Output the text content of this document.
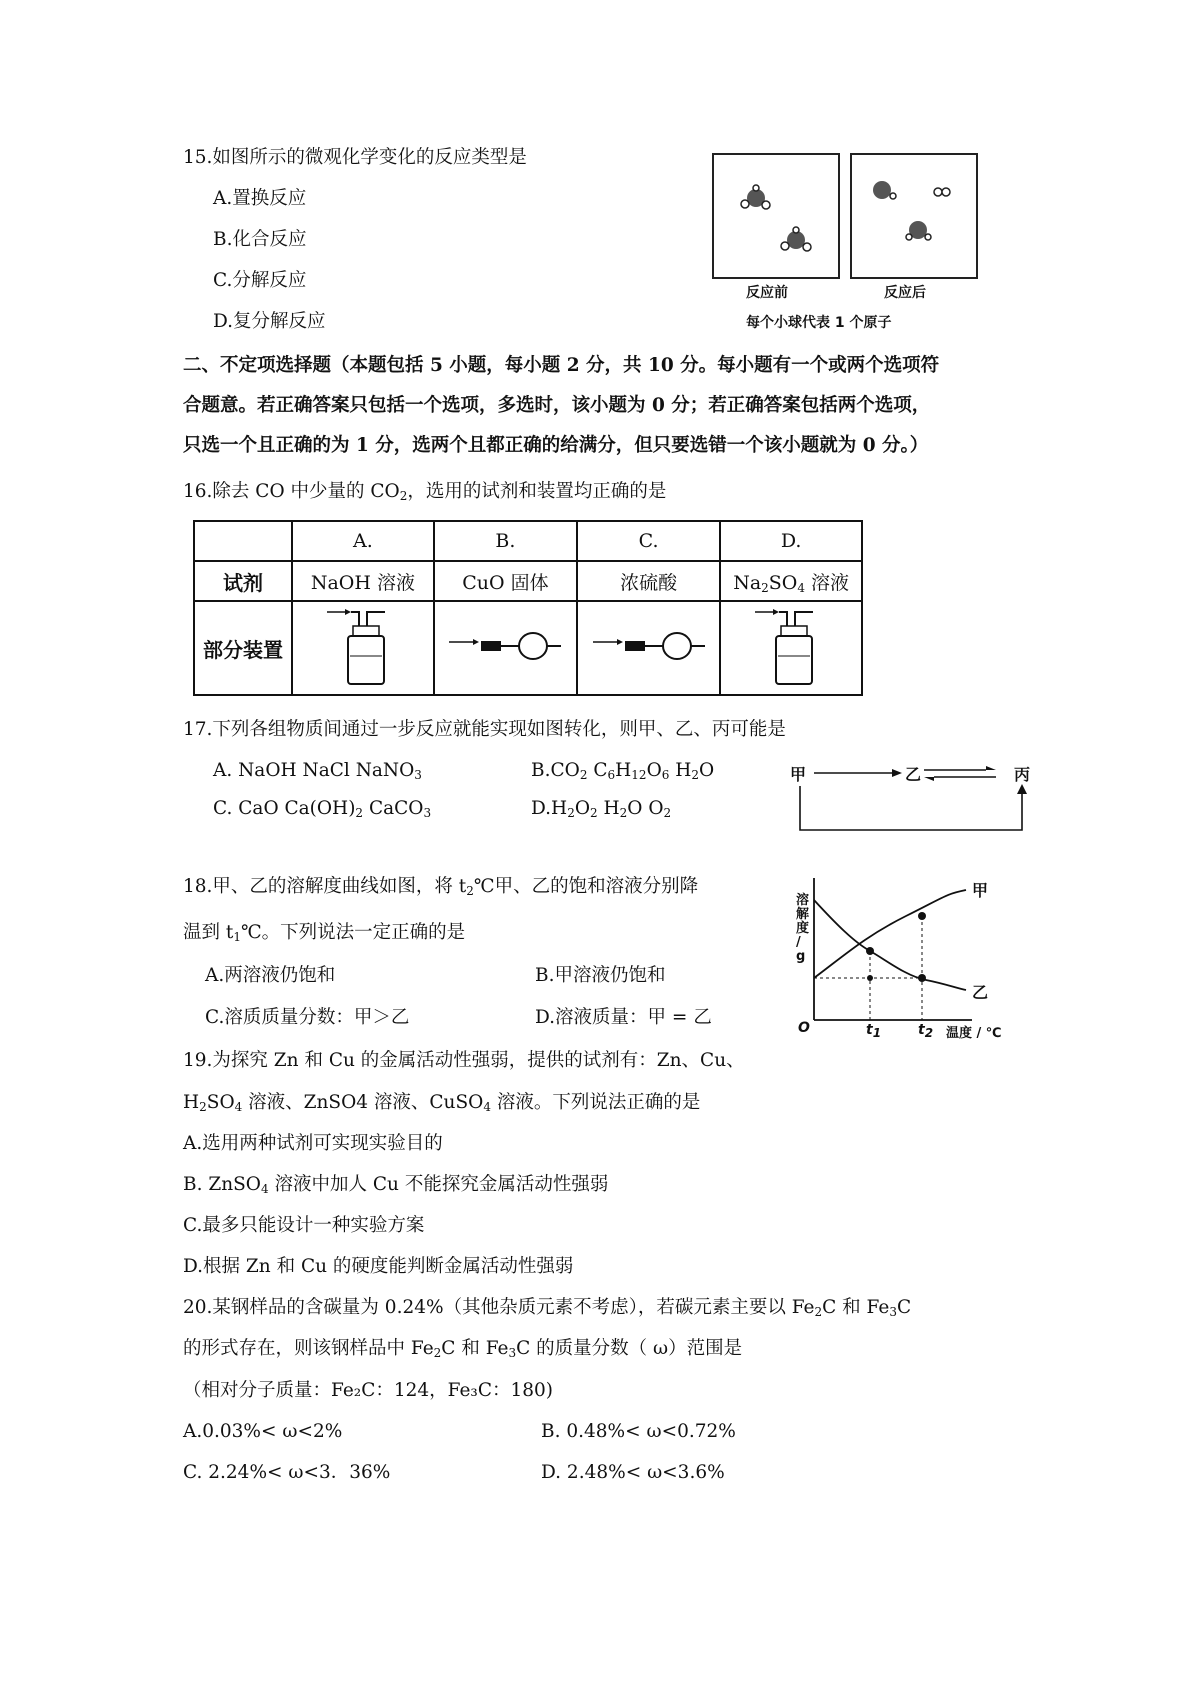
15.如图所示的微观化学变化的反应类型是
A.置换反应
B.化合反应
C.分解反应
D.复分解反应
反应前	反应后
每个小球代表 1 个原子
二、不定项选择题（本题包括 5 小题，每小题 2 分，共 10 分。每小题有一个或两个选项符
合题意。若正确答案只包括一个选项，多选时，该小题为 0 分；若正确答案包括两个选项，
只选一个且正确的为 1 分，选两个且都正确的给满分，但只要选错一个该小题就为 0 分。）
16.除去 CO 中少量的 $CO_2$，选用的试剂和装置均正确的是
	A.	B.	C.	D.
试剂	NaOH 溶液	CuO 固体	浓硫酸	$Na_2SO_4$ 溶液
部分装置				
17.下列各组物质间通过一步反应就能实现如图转化，则甲、乙、丙可能是
A. NaOH NaCl NaNO$_3$	$B.CO_2$ $C_6H_{12}O_6$ $H_2O$
C. CaO $Ca(OH)_2$ CaCO$_3$	$D.H_2O_2$ $H_2O$ $O_2$
甲	乙	丙
18.甲、乙的溶解度曲线如图，将 $t_2℃$甲、乙的饱和溶液分别降
温到 $t_1℃$。下列说法一定正确的是
A.两溶液仍饱和	B.甲溶液仍饱和
C.溶质质量分数：甲＞乙	D.溶液质量：甲 = 乙
溶解度 / g
温度 / ℃
O	$t_1$	$t_2$
甲
乙
19.为探究 Zn 和 Cu 的金属活动性强弱，提供的试剂有：Zn、Cu、
$H_2SO_4$ 溶液、ZnSO4 溶液、CuSO$_4$ 溶液。下列说法正确的是
A.选用两种试剂可实现实验目的
B. ZnSO$_4$ 溶液中加人 Cu 不能探究金属活动性强弱
C.最多只能设计一种实验方案
D.根据 Zn 和 Cu 的硬度能判断金属活动性强弱
20.某钢样品的含碳量为 0.24%（其他杂质元素不考虑），若碳元素主要以 $Fe_2C$ 和 $Fe_3C$
的形式存在，则该钢样品中 $Fe_2C$ 和 $Fe_3C$ 的质量分数（ ω）范围是
（相对分子质量：Fe₂C：124，Fe₃C：180)
A.0.03%< ω<2%	B. 0.48%< ω<0.72%
C. 2.24%< ω<3．36%	D. 2.48%< ω<3.6%
